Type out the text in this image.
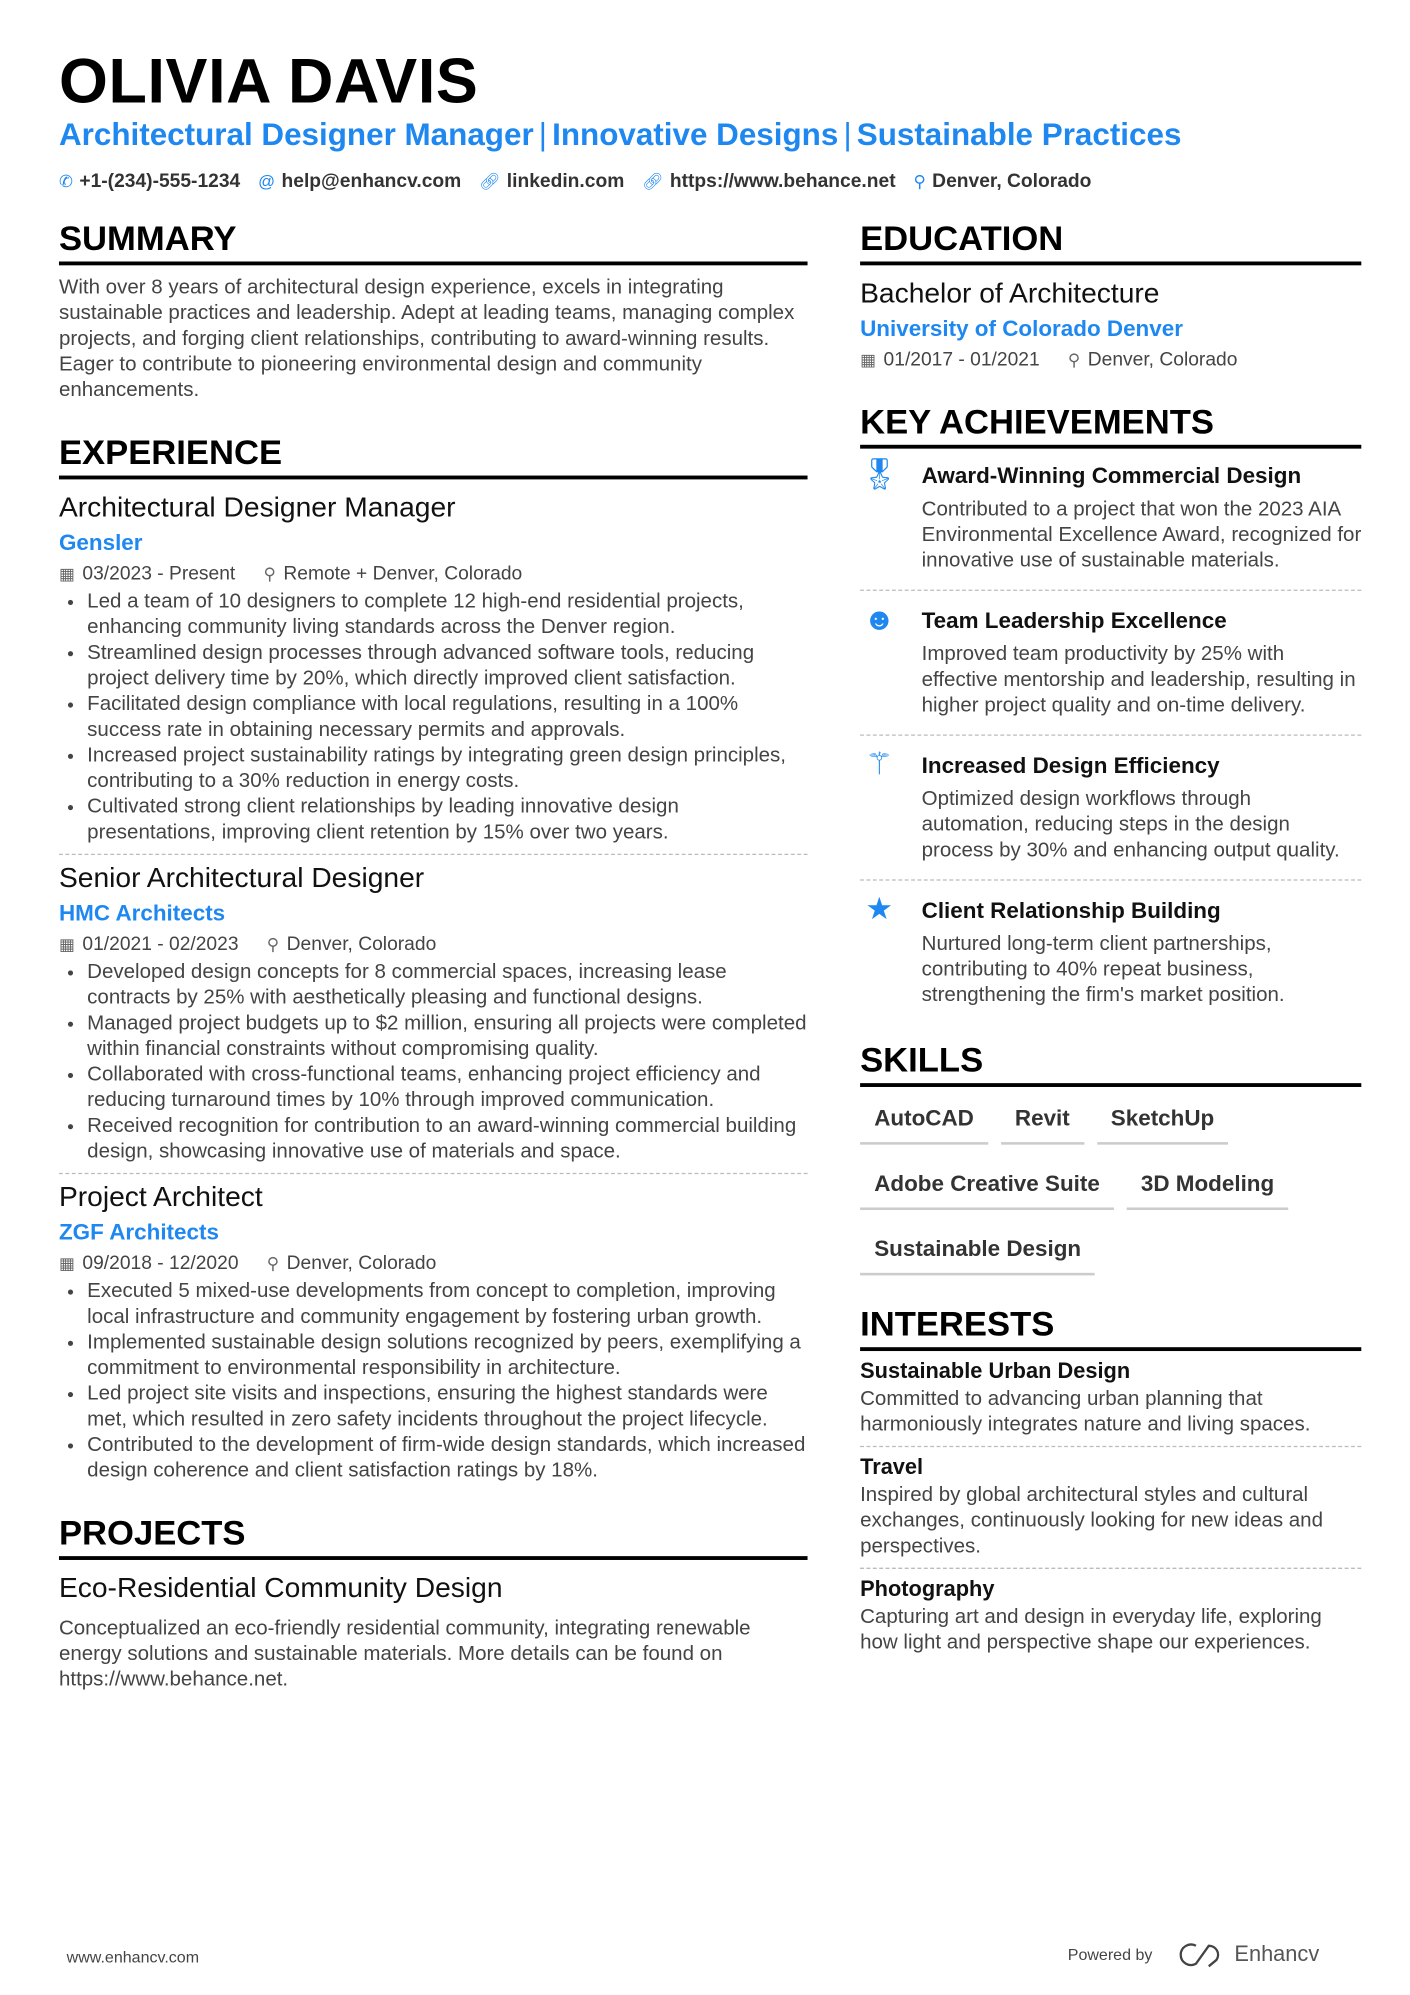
OLIVIA DAVIS
Architectural Designer Manager | Innovative Designs | Sustainable Practices
✆ +1-(234)-555-1234 @ help@enhancv.com 🔗︎ linkedin.com 🔗︎ https://www.behance.net ⚲ Denver, Colorado
SUMMARY
With over 8 years of architectural design experience, excels in integrating sustainable practices and leadership. Adept at leading teams, managing complex projects, and forging client relationships, contributing to award-winning results. Eager to contribute to pioneering environmental design and community enhancements.
EXPERIENCE
Architectural Designer Manager
Gensler
▦ 03/2023 - Present ⚲ Remote + Denver, Colorado
• Led a team of 10 designers to complete 12 high-end residential projects, enhancing community living standards across the Denver region.
• Streamlined design processes through advanced software tools, reducing project delivery time by 20%, which directly improved client satisfaction.
• Facilitated design compliance with local regulations, resulting in a 100% success rate in obtaining necessary permits and approvals.
• Increased project sustainability ratings by integrating green design principles, contributing to a 30% reduction in energy costs.
• Cultivated strong client relationships by leading innovative design presentations, improving client retention by 15% over two years.
Senior Architectural Designer
HMC Architects
▦ 01/2021 - 02/2023 ⚲ Denver, Colorado
• Developed design concepts for 8 commercial spaces, increasing lease contracts by 25% with aesthetically pleasing and functional designs.
• Managed project budgets up to $2 million, ensuring all projects were completed within financial constraints without compromising quality.
• Collaborated with cross-functional teams, enhancing project efficiency and reducing turnaround times by 10% through improved communication.
• Received recognition for contribution to an award-winning commercial building design, showcasing innovative use of materials and space.
Project Architect
ZGF Architects
▦ 09/2018 - 12/2020 ⚲ Denver, Colorado
• Executed 5 mixed-use developments from concept to completion, improving local infrastructure and community engagement by fostering urban growth.
• Implemented sustainable design solutions recognized by peers, exemplifying a commitment to environmental responsibility in architecture.
• Led project site visits and inspections, ensuring the highest standards were met, which resulted in zero safety incidents throughout the project lifecycle.
• Contributed to the development of firm-wide design standards, which increased design coherence and client satisfaction ratings by 18%.
PROJECTS
Eco-Residential Community Design
Conceptualized an eco-friendly residential community, integrating renewable energy solutions and sustainable materials. More details can be found on https://www.behance.net.
EDUCATION
Bachelor of Architecture
University of Colorado Denver
▦ 01/2017 - 01/2021 ⚲ Denver, Colorado
KEY ACHIEVEMENTS
🎖︎ Award-Winning Commercial Design
Contributed to a project that won the 2023 AIA Environmental Excellence Award, recognized for innovative use of sustainable materials.
☻ Team Leadership Excellence
Improved team productivity by 25% with effective mentorship and leadership, resulting in higher project quality and on-time delivery.
⚚	Increased Design Efficiency
Optimized design workflows through automation, reducing steps in the design process by 30% and enhancing output quality.
★	Client Relationship Building
Nurtured long-term client partnerships, contributing to 40% repeat business, strengthening the firm's market position.
SKILLS
AutoCAD	Revit	SketchUp
Adobe Creative Suite	3D Modeling
Sustainable Design
INTERESTS
Sustainable Urban Design
Committed to advancing urban planning that harmoniously integrates nature and living spaces.
Travel
Inspired by global architectural styles and cultural exchanges, continuously looking for new ideas and perspectives.
Photography
Capturing art and design in everyday life, exploring how light and perspective shape our experiences.
www.enhancv.com	Powered by	Enhancv
